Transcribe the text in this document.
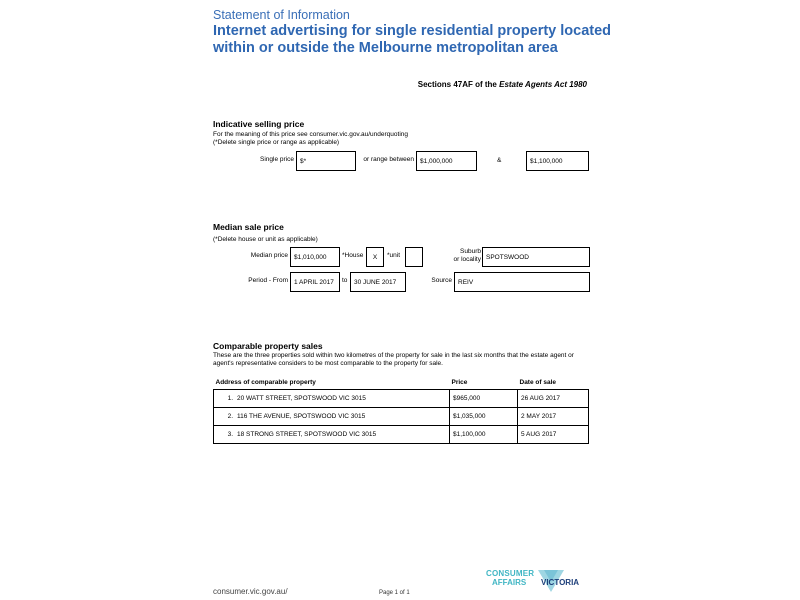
Statement of Information
Internet advertising for single residential property located within or outside the Melbourne metropolitan area
Sections 47AF of the Estate Agents Act 1980
Indicative selling price
For the meaning of this price see consumer.vic.gov.au/underquoting
(*Delete single price or range as applicable)
Single price $*	or range between $1,000,000	&	$1,100,000
Median sale price
(*Delete house or unit as applicable)
Median price $1,010,000	*House	X	*unit
Suburb
or locality SPOTSWOOD
Period - From 1 APRIL 2017	to	30 JUNE 2017	Source REIV
Comparable property sales
These are the three properties sold within two kilometres of the property for sale in the last six months that the estate agent or agent's representative considers to be most comparable to the property for sale.
Address of comparable property	Price	Date of sale
1. 20 WATT STREET, SPOTSWOOD VIC 3015	$965,000	26 AUG 2017
2. 116 THE AVENUE, SPOTSWOOD VIC 3015	$1,035,000	2 MAY 2017
3. 18 STRONG STREET, SPOTSWOOD VIC 3015	$1,100,000	5 AUG 2017
CONSUMER
AFFAIRS VICTORIA
consumer.vic.gov.au/	Page 1 of 1
